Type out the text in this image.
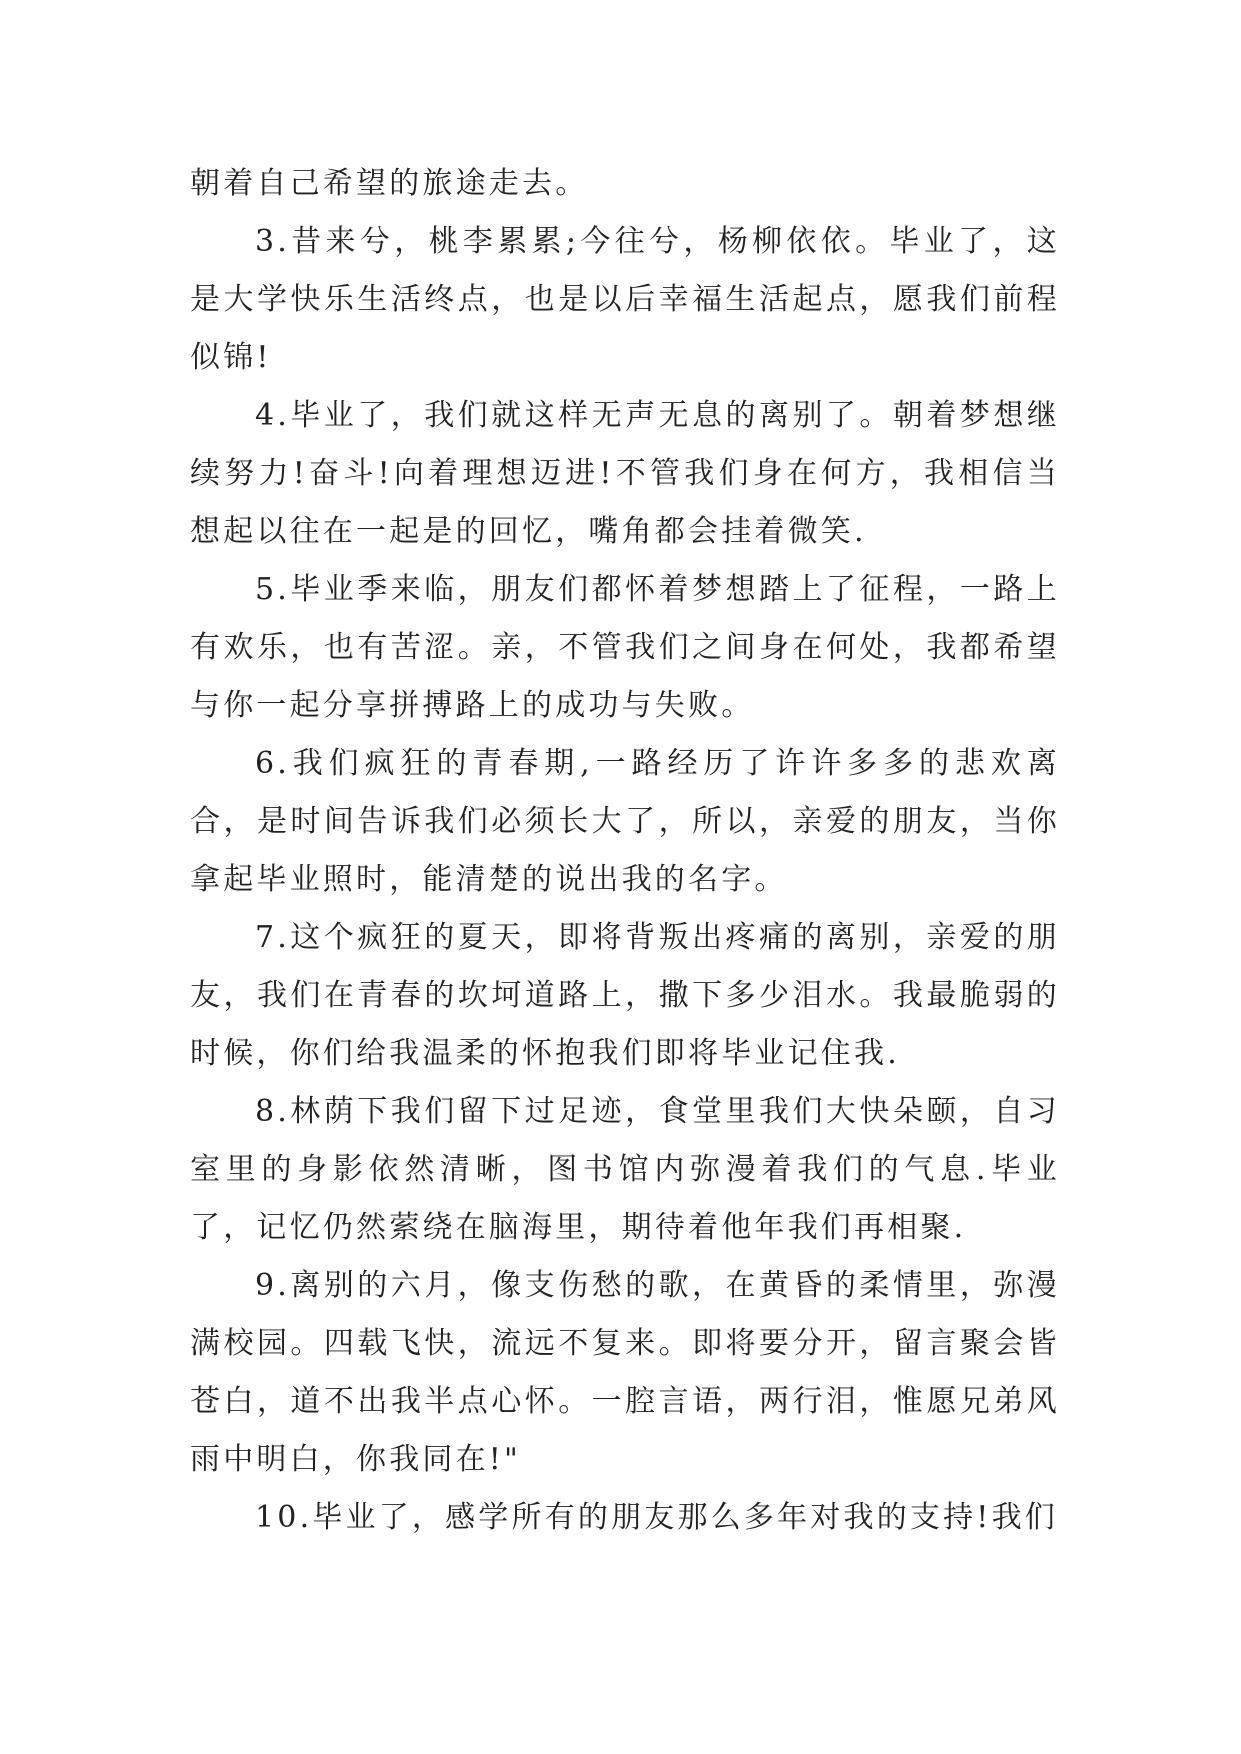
朝着自己希望的旅途走去。

3.昔来兮，桃李累累;今往兮，杨柳依依。毕业了，这是大学快乐生活终点，也是以后幸福生活起点，愿我们前程似锦!

4.毕业了，我们就这样无声无息的离别了。朝着梦想继续努力!奋斗!向着理想迈进!不管我们身在何方，我相信当想起以往在一起是的回忆，嘴角都会挂着微笑.

5.毕业季来临，朋友们都怀着梦想踏上了征程，一路上有欢乐，也有苦涩。亲，不管我们之间身在何处，我都希望与你一起分享拼搏路上的成功与失败。

6.我们疯狂的青春期,一路经历了许许多多的悲欢离合，是时间告诉我们必须长大了，所以，亲爱的朋友，当你拿起毕业照时，能清楚的说出我的名字。

7.这个疯狂的夏天，即将背叛出疼痛的离别，亲爱的朋友，我们在青春的坎坷道路上，撒下多少泪水。我最脆弱的时候，你们给我温柔的怀抱我们即将毕业记住我.

8.林荫下我们留下过足迹，食堂里我们大快朵颐，自习室里的身影依然清晰，图书馆内弥漫着我们的气息.毕业了，记忆仍然萦绕在脑海里，期待着他年我们再相聚.

9.离别的六月，像支伤愁的歌，在黄昏的柔情里，弥漫满校园。四载飞快，流远不复来。即将要分开，留言聚会皆苍白，道不出我半点心怀。一腔言语，两行泪，惟愿兄弟风雨中明白，你我同在!"

10.毕业了，感学所有的朋友那么多年对我的支持!我们
